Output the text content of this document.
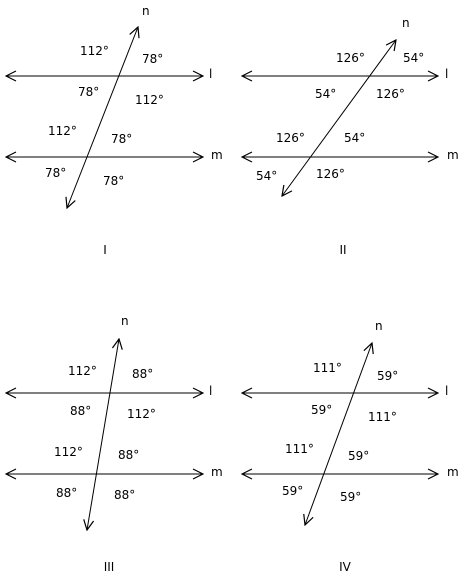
n
l
m
112°
78°
78°
112°
112°
78°
78°
78°
I
n
l
m
126°	54°
54°	126°
126°	54°
54°	126°
II
n
l
m
112°	88°
88°	112°
112°	88°
88°	88°
III
n
l
m
111°
59°
59°	111°
111°	59°
59°	59°
IV
